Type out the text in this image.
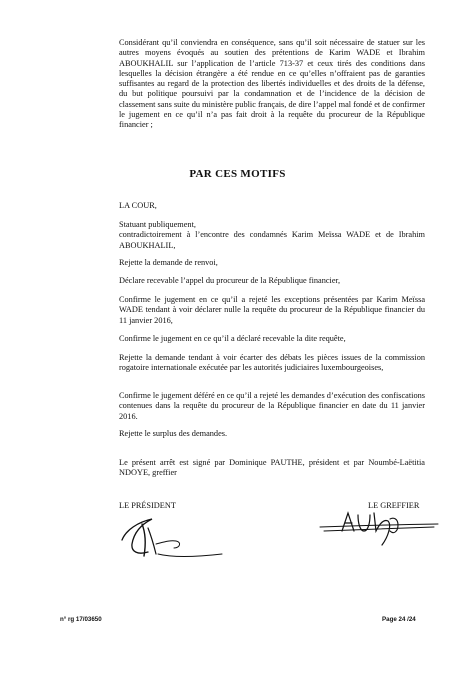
Considérant qu’il conviendra en conséquence, sans qu’il soit nécessaire de statuer sur les autres moyens évoqués au soutien des prétentions de Karim WADE et Ibrahim ABOUKHALIL sur l’application de l’article 713-37 et ceux tirés des conditions dans lesquelles la décision étrangère a été rendue en ce qu’elles n’offraient pas de garanties suffisantes au regard de la protection des libertés individuelles et des droits de la défense, du but politique poursuivi par la condamnation et de l’incidence de la décision de classement sans suite du ministère public français, de dire l’appel mal fondé et de confirmer le jugement en ce qu’il n’a pas fait droit à la requête du procureur de la République financier ;

PAR CES MOTIFS

LA COUR,

Statuant publiquement,
contradictoirement à l’encontre des condamnés Karim Meïssa WADE et de Ibrahim ABOUKHALIL,

Rejette la demande de renvoi,

Déclare recevable l’appel du procureur de la République financier,

Confirme le jugement en ce qu’il a rejeté les exceptions présentées par Karim Meïssa WADE tendant à voir déclarer nulle la requête du procureur de la République financier du 11 janvier 2016,

Confirme le jugement en ce qu’il a déclaré recevable la dite requête,

Rejette la demande tendant à voir écarter des débats les pièces issues de la commission rogatoire internationale exécutée par les autorités judiciaires luxembourgeoises,

Confirme le jugement déféré en ce qu’il a rejeté les demandes d’exécution des confiscations contenues dans la requête du procureur de la République financier en date du 11 janvier 2016.

Rejette le surplus des demandes.

Le présent arrêt est signé par Dominique PAUTHE, président et par Noumbé-Laëtitia NDOYE, greffier

LE PRÉSIDENT	LE GREFFIER
n° rg 17/03650	Page 24 /24
